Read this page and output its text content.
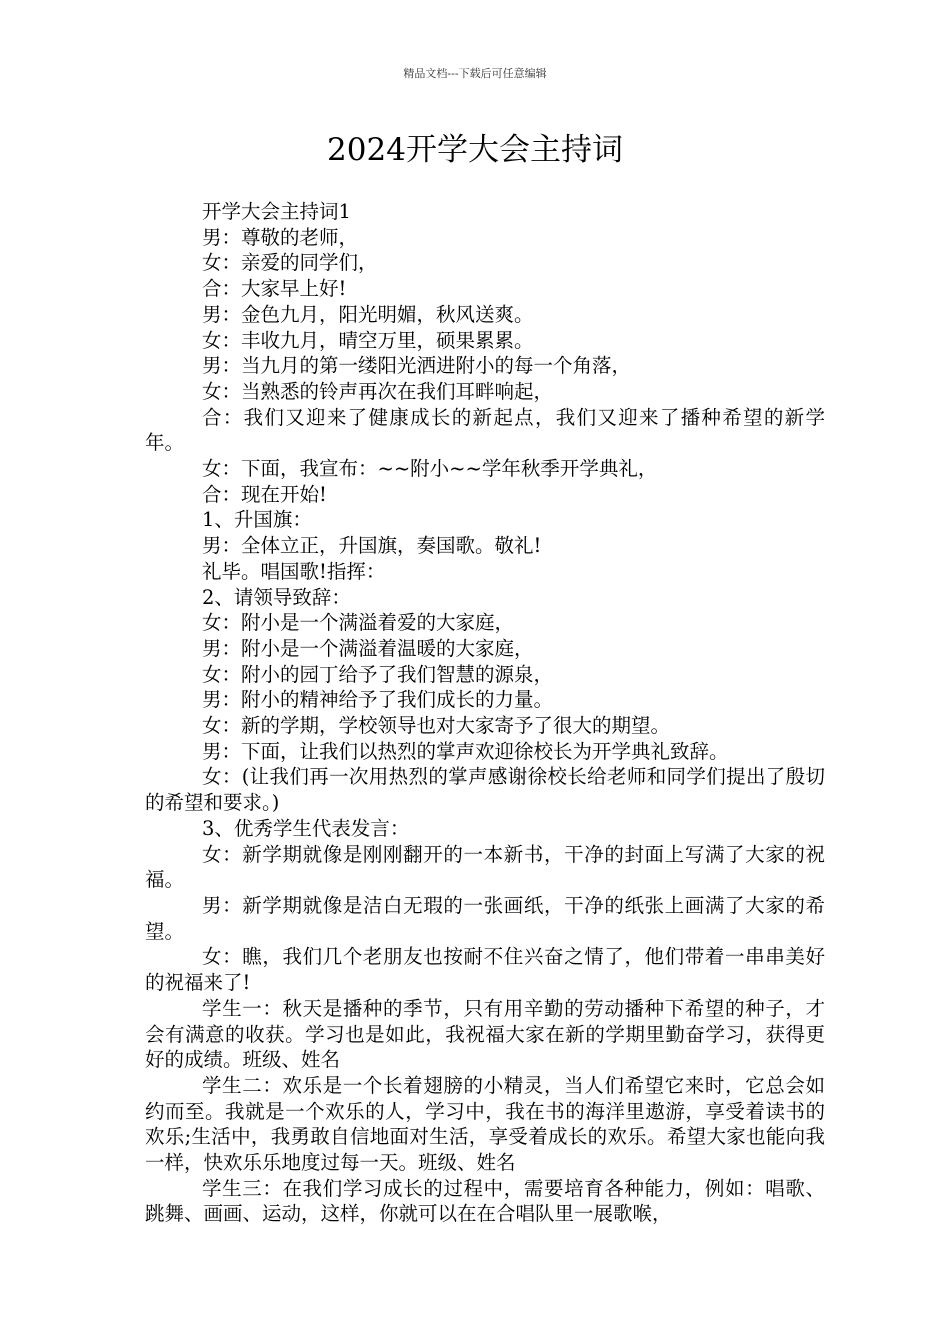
精品文档---下载后可任意编辑
2024开学大会主持词

开学大会主持词1

男：尊敬的老师，

女：亲爱的同学们，

合：大家早上好!

男：金色九月，阳光明媚，秋风送爽。

女：丰收九月，晴空万里，硕果累累。

男：当九月的第一缕阳光洒进附小的每一个角落，

女：当熟悉的铃声再次在我们耳畔响起，

合：我们又迎来了健康成长的新起点，我们又迎来了播种希望的新学年。

女：下面，我宣布：~~附小~~学年秋季开学典礼，

合：现在开始!

1、升国旗：

男：全体立正，升国旗，奏国歌。敬礼!

礼毕。唱国歌!指挥：

2、请领导致辞：

女：附小是一个满溢着爱的大家庭，

男：附小是一个满溢着温暖的大家庭，

女：附小的园丁给予了我们智慧的源泉，

男：附小的精神给予了我们成长的力量。

女：新的学期，学校领导也对大家寄予了很大的期望。

男：下面，让我们以热烈的掌声欢迎徐校长为开学典礼致辞。

女：(让我们再一次用热烈的掌声感谢徐校长给老师和同学们提出了殷切的希望和要求。)

3、优秀学生代表发言：

女：新学期就像是刚刚翻开的一本新书，干净的封面上写满了大家的祝福。

男：新学期就像是洁白无瑕的一张画纸，干净的纸张上画满了大家的希望。

女：瞧，我们几个老朋友也按耐不住兴奋之情了，他们带着一串串美好的祝福来了!

学生一：秋天是播种的季节，只有用辛勤的劳动播种下希望的种子，才会有满意的收获。学习也是如此，我祝福大家在新的学期里勤奋学习，获得更好的成绩。班级、姓名

学生二：欢乐是一个长着翅膀的小精灵，当人们希望它来时，它总会如约而至。我就是一个欢乐的人，学习中，我在书的海洋里遨游，享受着读书的欢乐;生活中，我勇敢自信地面对生活，享受着成长的欢乐。希望大家也能向我一样，快欢乐乐地度过每一天。班级、姓名

学生三：在我们学习成长的过程中，需要培育各种能力，例如：唱歌、跳舞、画画、运动，这样，你就可以在在合唱队里一展歌喉，
